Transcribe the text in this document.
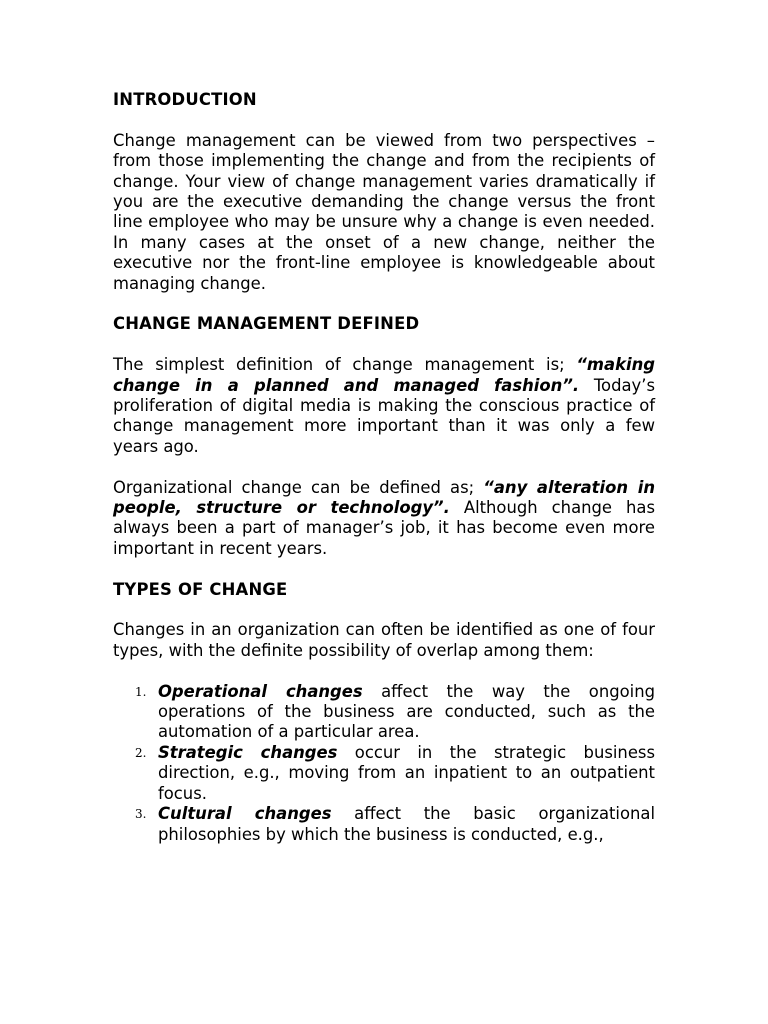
INTRODUCTION

Change management can be viewed from two perspectives – from those implementing the change and from the recipients of change. Your view of change management varies dramatically if you are the executive demanding the change versus the front line employee who may be unsure why a change is even needed. In many cases at the onset of a new change, neither the executive nor the front-line employee is knowledgeable about managing change.

CHANGE MANAGEMENT DEFINED

The simplest definition of change management is; “making change in a planned and managed fashion”. Today’s proliferation of digital media is making the conscious practice of change management more important than it was only a few years ago.

Organizational change can be defined as; “any alteration in people, structure or technology”. Although change has always been a part of manager’s job, it has become even more important in recent years.

TYPES OF CHANGE

Changes in an organization can often be identified as one of four types, with the definite possibility of overlap among them:

1. Operational changes affect the way the ongoing operations of the business are conducted, such as the automation of a particular area.
2. Strategic changes occur in the strategic business direction, e.g., moving from an inpatient to an outpatient focus.
3. Cultural changes affect the basic organizational philosophies by which the business is conducted, e.g.,
